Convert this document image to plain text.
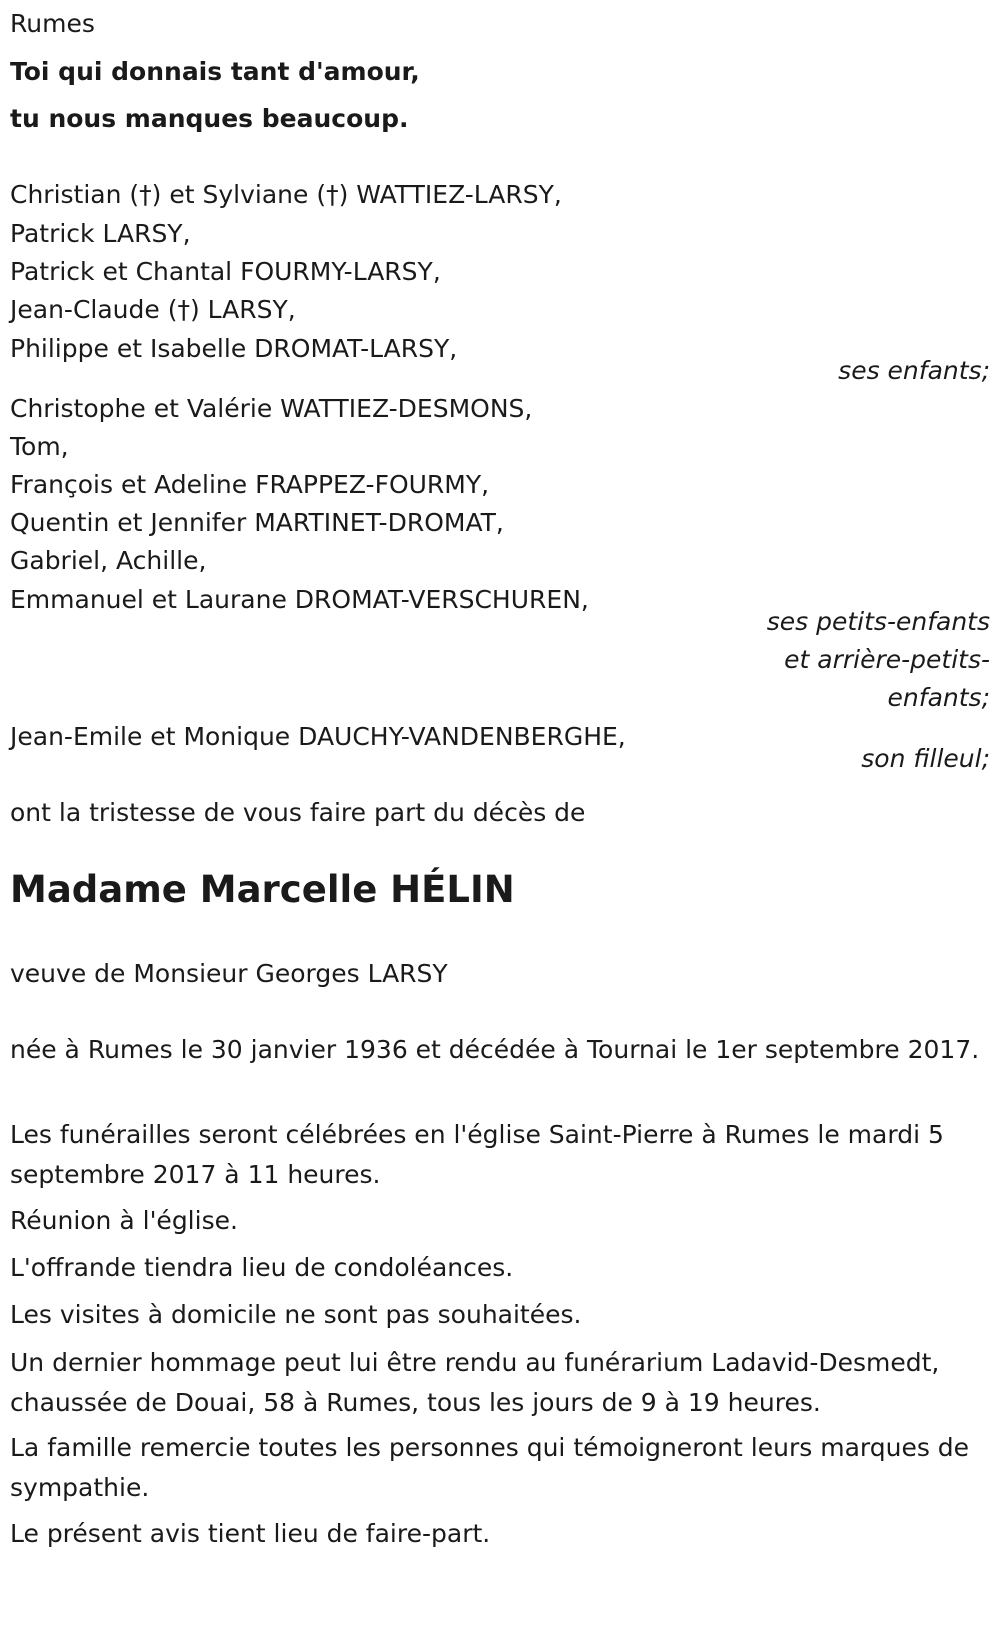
Rumes
Toi qui donnais tant d'amour,
tu nous manques beaucoup.
Christian (†) et Sylviane (†) WATTIEZ-LARSY,
Patrick LARSY,
Patrick et Chantal FOURMY-LARSY,
Jean-Claude (†) LARSY,
Philippe et Isabelle DROMAT-LARSY,
ses enfants;
Christophe et Valérie WATTIEZ-DESMONS,
Tom,
François et Adeline FRAPPEZ-FOURMY,
Quentin et Jennifer MARTINET-DROMAT,
Gabriel, Achille,
Emmanuel et Laurane DROMAT-VERSCHUREN,
ses petits-enfants
et arrière-petits-
enfants;
Jean-Emile et Monique DAUCHY-VANDENBERGHE,
son filleul;
ont la tristesse de vous faire part du décès de
Madame Marcelle HÉLIN
veuve de Monsieur Georges LARSY
née à Rumes le 30 janvier 1936 et décédée à Tournai le 1er septembre 2017.
Les funérailles seront célébrées en l'église Saint-Pierre à Rumes le mardi 5 septembre 2017 à 11 heures.
Réunion à l'église.
L'offrande tiendra lieu de condoléances.
Les visites à domicile ne sont pas souhaitées.
Un dernier hommage peut lui être rendu au funérarium Ladavid-Desmedt, chaussée de Douai, 58 à Rumes, tous les jours de 9 à 19 heures.
La famille remercie toutes les personnes qui témoigneront leurs marques de sympathie.
Le présent avis tient lieu de faire-part.
